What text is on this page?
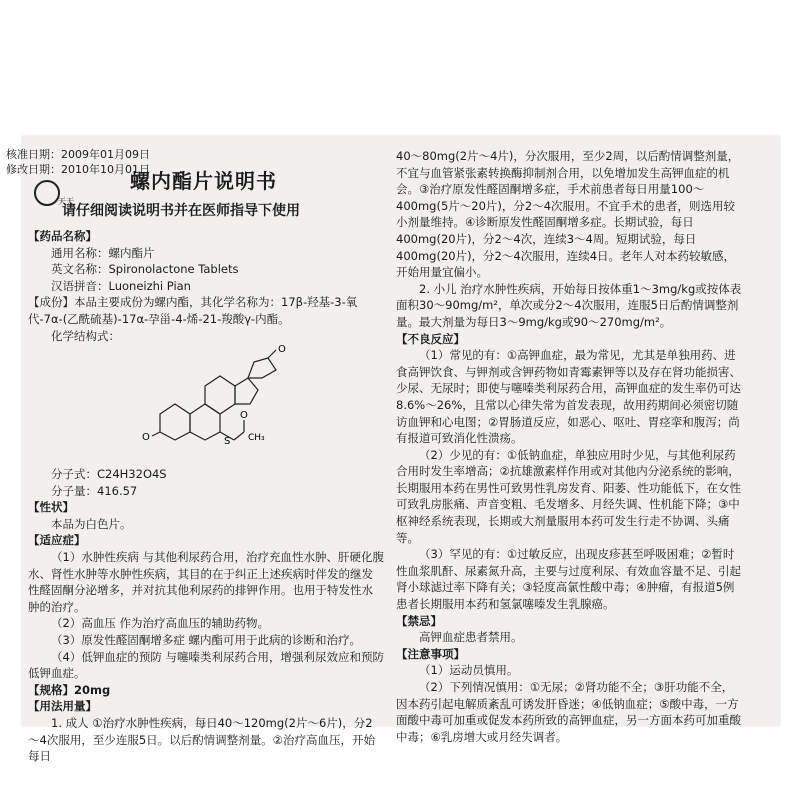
核准日期：2009年01月09日
修改日期：2010年10月01日
天天
螺内酯片说明书
请仔细阅读说明书并在医师指导下使用

【药品名称】

通用名称：螺内酯片

英文名称：Spironolactone Tablets

汉语拼音：Luoneizhi Pian

【成份】本品主要成份为螺内酯，其化学名称为：17β-羟基-3-氧代-7α-(乙酰硫基)-17α-孕甾-4-烯-21-羧酸γ-内酯。

化学结构式：

O
O
O
S CH₃

分子式：C24H32O4S

分子量：416.57

【性状】

本品为白色片。

【适应症】

（1）水肿性疾病 与其他利尿药合用，治疗充血性水肿、肝硬化腹水、肾性水肿等水肿性疾病，其目的在于纠正上述疾病时伴发的继发性醛固酮分泌增多，并对抗其他利尿药的排钾作用。也用于特发性水肿的治疗。

（2）高血压 作为治疗高血压的辅助药物。

（3）原发性醛固酮增多症 螺内酯可用于此病的诊断和治疗。

（4）低钾血症的预防 与噻嗪类利尿药合用，增强利尿效应和预防低钾血症。

【规格】20mg

【用法用量】

1. 成人 ①治疗水肿性疾病，每日40～120mg(2片～6片)，分2～4次服用，至少连服5日。以后酌情调整剂量。②治疗高血压，开始每日

40～80mg(2片～4片)，分次服用，至少2周，以后酌情调整剂量，不宜与血管紧张素转换酶抑制剂合用，以免增加发生高钾血症的机会。③治疗原发性醛固酮增多症，手术前患者每日用量100～400mg(5片～20片)，分2～4次服用。不宜手术的患者，则选用较小剂量维持。④诊断原发性醛固酮增多症。长期试验，每日400mg(20片)，分2～4次，连续3～4周。短期试验，每日400mg(20片)，分2～4次服用，连续4日。老年人对本药较敏感，开始用量宜偏小。

2. 小儿 治疗水肿性疾病，开始每日按体重1～3mg/kg或按体表面积30～90mg/m²，单次或分2～4次服用，连服5日后酌情调整剂量。最大剂量为每日3～9mg/kg或90～270mg/m²。

【不良反应】

（1）常见的有：①高钾血症，最为常见，尤其是单独用药、进食高钾饮食、与钾剂或含钾药物如青霉素钾等以及存在肾功能损害、少尿、无尿时；即使与噻嗪类利尿药合用，高钾血症的发生率仍可达8.6%～26%，且常以心律失常为首发表现，故用药期间必须密切随访血钾和心电图；②胃肠道反应，如恶心、呕吐、胃痉挛和腹泻；尚有报道可致消化性溃疡。

（2）少见的有：①低钠血症，单独应用时少见，与其他利尿药合用时发生率增高；②抗雄激素样作用或对其他内分泌系统的影响，长期服用本药在男性可致男性乳房发育、阳萎、性功能低下，在女性可致乳房胀痛、声音变粗、毛发增多、月经失调、性机能下降；③中枢神经系统表现，长期或大剂量服用本药可发生行走不协调、头痛等。

（3）罕见的有：①过敏反应，出现皮疹甚至呼吸困难；②暂时性血浆肌酐、尿素氮升高，主要与过度利尿、有效血容量不足、引起肾小球滤过率下降有关；③轻度高氯性酸中毒；④肿瘤，有报道5例患者长期服用本药和氢氯噻嗪发生乳腺癌。

【禁忌】

高钾血症患者禁用。

【注意事项】

（1）运动员慎用。

（2）下列情况慎用：①无尿；②肾功能不全；③肝功能不全，因本药引起电解质紊乱可诱发肝昏迷；④低钠血症；⑤酸中毒，一方面酸中毒可加重或促发本药所致的高钾血症，另一方面本药可加重酸中毒；⑥乳房增大或月经失调者。
